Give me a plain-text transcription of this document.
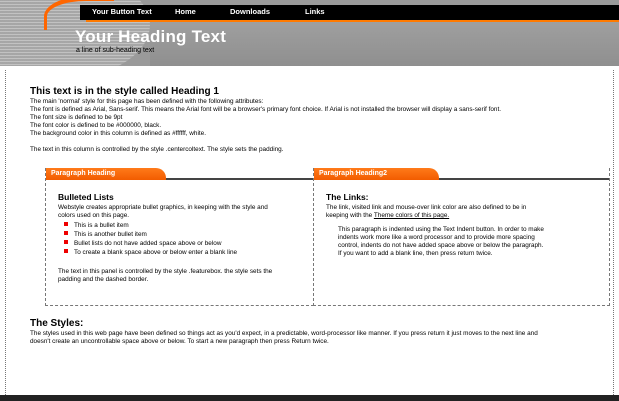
Your Button Text	Home	Downloads	Links
Your Heading Text
a line of sub-heading text
This text is in the style called Heading 1
The main 'normal' style for this page has been defined with the following attributes:
The font is defined as Arial, Sans-serif. This means the Arial font will be a browser's primary font choice. If Arial is not installed the browser will display a sans-serif font.
The font size is defined to be 9pt
The font color is defined to be #000000, black.
The background color in this column is defined as #ffffff, white.
The text in this column is controlled by the style .centercoltext. The style sets the padding.
Paragraph Heading
Bulleted Lists
Webstyle creates appropriate bullet graphics, in keeping with the style and
colors used on this page.
This is a bullet item
This is another bullet item
Bullet lists do not have added space above or below
To create a blank space above or below enter a blank line
The text in this panel is controlled by the style .featurebox. the style sets the
padding and the dashed border.
Paragraph Heading2
The Links:
The link, visited link and mouse-over link color are also defined to be in
keeping with the Theme colors of this page.
This paragraph is indented using the Text Indent button. In order to make
indents work more like a word processor and to provide more spacing
control, indents do not have added space above or below the paragraph.
If you want to add a blank line, then press return twice.
The Styles:
The styles used in this web page have been defined so things act as you'd expect, in a predictable, word-processor like manner. If you press return it just moves to the next line and
doesn't create an uncontrollable space above or below. To start a new paragraph then press Return twice.
